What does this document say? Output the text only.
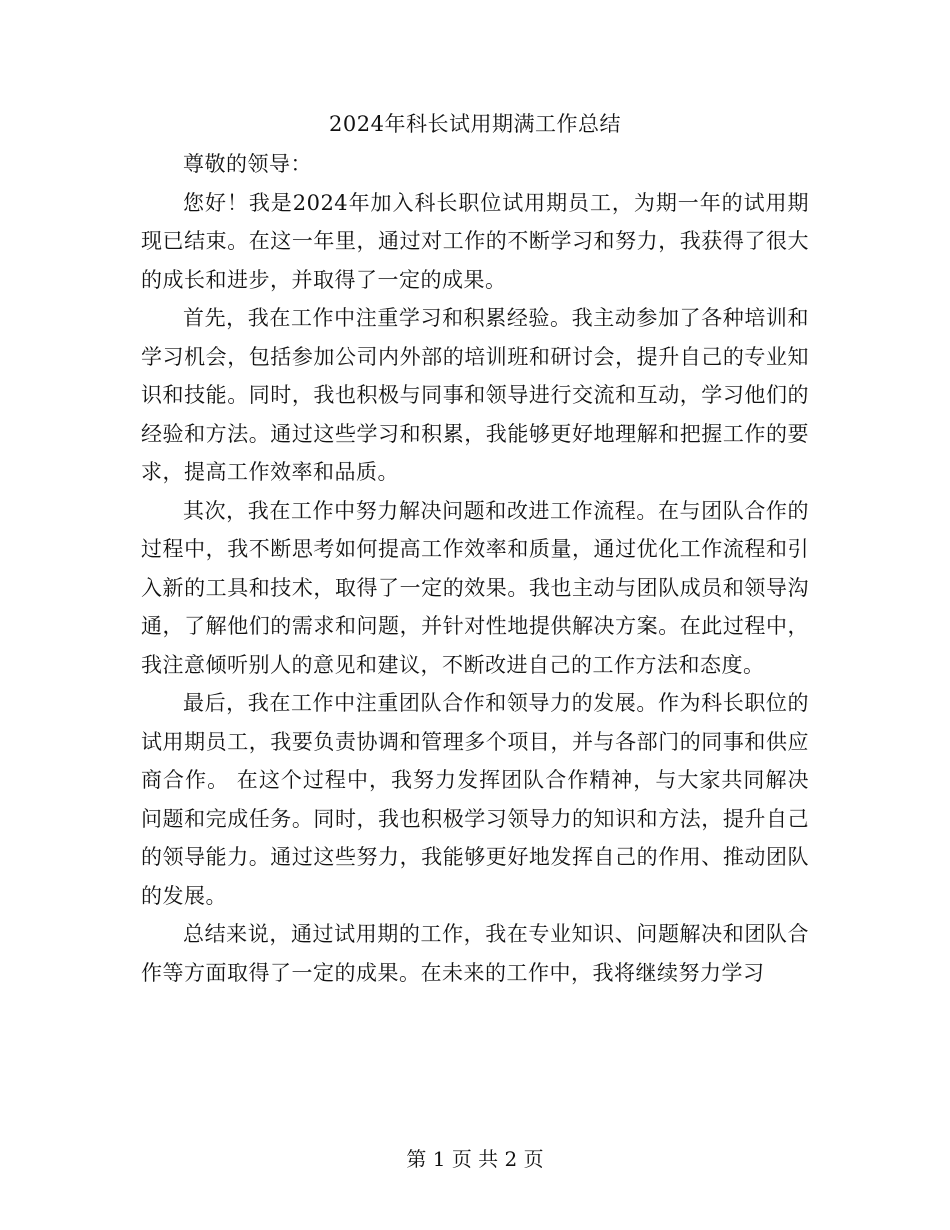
2024年科长试用期满工作总结

尊敬的领导：

您好！我是2024年加入科长职位试用期员工，为期一年的试用期现已结束。在这一年里，通过对工作的不断学习和努力，我获得了很大的成长和进步，并取得了一定的成果。

首先，我在工作中注重学习和积累经验。我主动参加了各种培训和学习机会，包括参加公司内外部的培训班和研讨会，提升自己的专业知识和技能。同时，我也积极与同事和领导进行交流和互动，学习他们的经验和方法。通过这些学习和积累，我能够更好地理解和把握工作的要求，提高工作效率和品质。

其次，我在工作中努力解决问题和改进工作流程。在与团队合作的过程中，我不断思考如何提高工作效率和质量，通过优化工作流程和引入新的工具和技术，取得了一定的效果。我也主动与团队成员和领导沟通，了解他们的需求和问题，并针对性地提供解决方案。在此过程中，我注意倾听别人的意见和建议，不断改进自己的工作方法和态度。

最后，我在工作中注重团队合作和领导力的发展。作为科长职位的试用期员工，我要负责协调和管理多个项目，并与各部门的同事和供应商合作。 在这个过程中，我努力发挥团队合作精神，与大家共同解决问题和完成任务。同时，我也积极学习领导力的知识和方法，提升自己的领导能力。通过这些努力，我能够更好地发挥自己的作用、推动团队的发展。

总结来说，通过试用期的工作，我在专业知识、问题解决和团队合作等方面取得了一定的成果。在未来的工作中，我将继续努力学习

第 1 页 共 2 页
